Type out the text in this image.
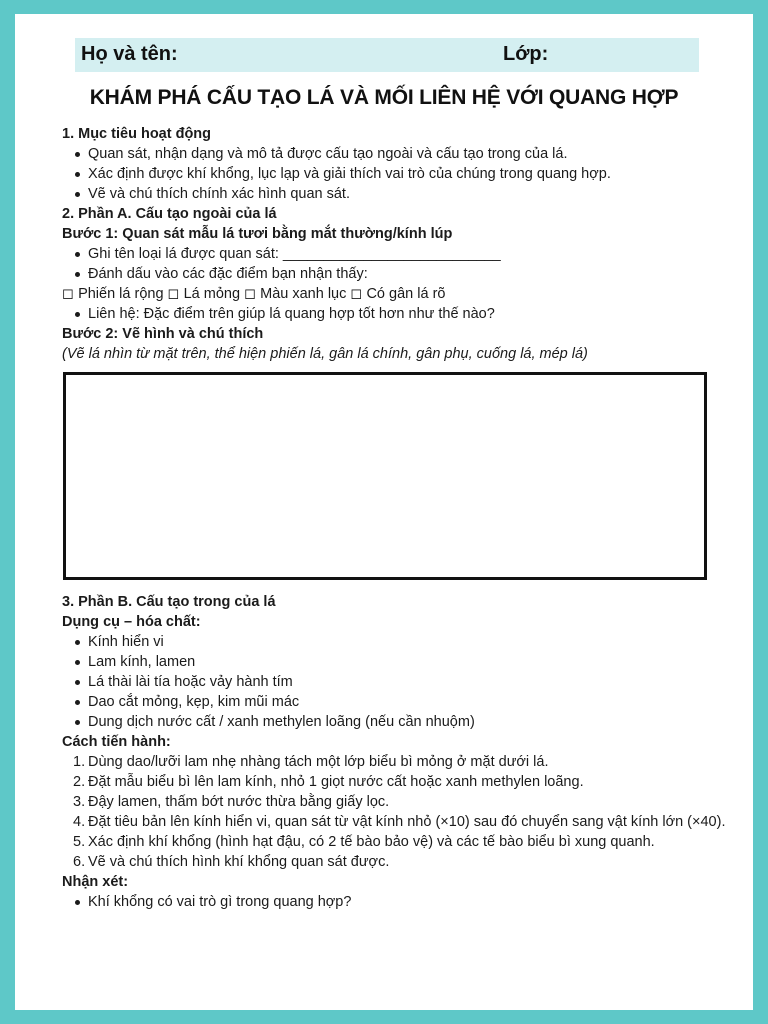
Họ và tên:	Lớp:
KHÁM PHÁ CẤU TẠO LÁ VÀ MỐI LIÊN HỆ VỚI QUANG HỢP
1. Mục tiêu hoạt động
Quan sát, nhận dạng và mô tả được cấu tạo ngoài và cấu tạo trong của lá.
Xác định được khí khổng, lục lạp và giải thích vai trò của chúng trong quang hợp.
Vẽ và chú thích chính xác hình quan sát.
2. Phần A. Cấu tạo ngoài của lá
Bước 1: Quan sát mẫu lá tươi bằng mắt thường/kính lúp
Ghi tên loại lá được quan sát: ___________________________
Đánh dấu vào các đặc điểm bạn nhận thấy:
◻ Phiến lá rộng ◻ Lá mỏng ◻ Màu xanh lục ◻ Có gân lá rõ
Liên hệ: Đặc điểm trên giúp lá quang hợp tốt hơn như thế nào?
Bước 2: Vẽ hình và chú thích
(Vẽ lá nhìn từ mặt trên, thể hiện phiến lá, gân lá chính, gân phụ, cuống lá, mép lá)
3. Phần B. Cấu tạo trong của lá
Dụng cụ – hóa chất:
Kính hiển vi
Lam kính, lamen
Lá thài lài tía hoặc vảy hành tím
Dao cắt mỏng, kẹp, kim mũi mác
Dung dịch nước cất / xanh methylen loãng (nếu cần nhuộm)
Cách tiến hành:
1. Dùng dao/lưỡi lam nhẹ nhàng tách một lớp biểu bì mỏng ở mặt dưới lá.
2. Đặt mẫu biểu bì lên lam kính, nhỏ 1 giọt nước cất hoặc xanh methylen loãng.
3. Đậy lamen, thấm bớt nước thừa bằng giấy lọc.
4. Đặt tiêu bản lên kính hiển vi, quan sát từ vật kính nhỏ (×10) sau đó chuyển sang vật kính lớn (×40).
5. Xác định khí khổng (hình hạt đậu, có 2 tế bào bảo vệ) và các tế bào biểu bì xung quanh.
6. Vẽ và chú thích hình khí khổng quan sát được.
Nhận xét:
Khí khổng có vai trò gì trong quang hợp?
